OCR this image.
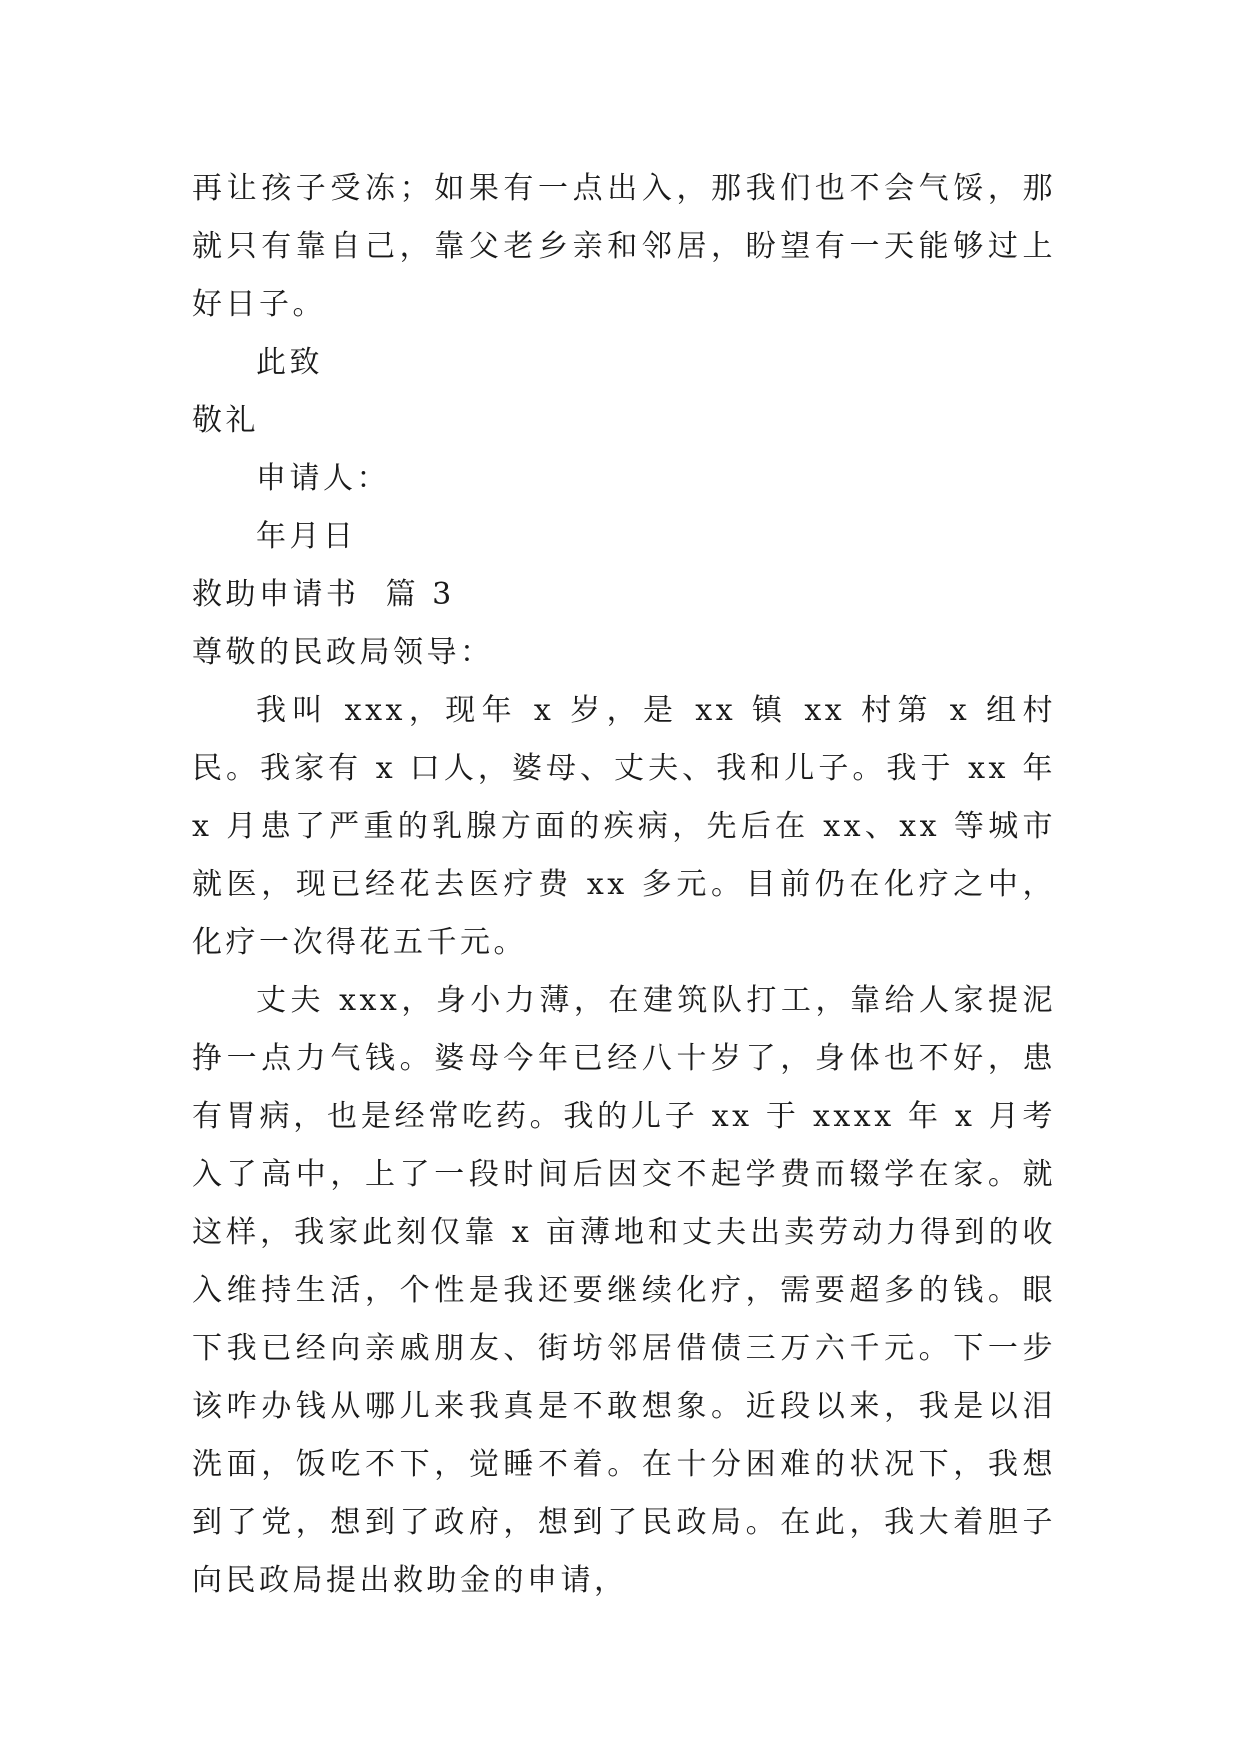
再让孩子受冻；如果有一点出入，那我们也不会气馁，那就只有靠自己，靠父老乡亲和邻居，盼望有一天能够过上好日子。

此致

敬礼

申请人：

年月日

救助申请书  篇 3

尊敬的民政局领导：

我叫 xxx，现年 x 岁，是 xx 镇 xx 村第 x 组村民。我家有 x 口人，婆母、丈夫、我和儿子。我于 xx 年 x 月患了严重的乳腺方面的疾病，先后在 xx、xx 等城市就医，现已经花去医疗费 xx 多元。目前仍在化疗之中，化疗一次得花五千元。

丈夫 xxx，身小力薄，在建筑队打工，靠给人家提泥挣一点力气钱。婆母今年已经八十岁了，身体也不好，患有胃病，也是经常吃药。我的儿子 xx 于 xxxx 年 x 月考入了高中，上了一段时间后因交不起学费而辍学在家。就这样，我家此刻仅靠 x 亩薄地和丈夫出卖劳动力得到的收入维持生活，个性是我还要继续化疗，需要超多的钱。眼下我已经向亲戚朋友、街坊邻居借债三万六千元。下一步该咋办钱从哪儿来我真是不敢想象。近段以来，我是以泪洗面，饭吃不下，觉睡不着。在十分困难的状况下，我想到了党，想到了政府，想到了民政局。在此，我大着胆子向民政局提出救助金的申请，
